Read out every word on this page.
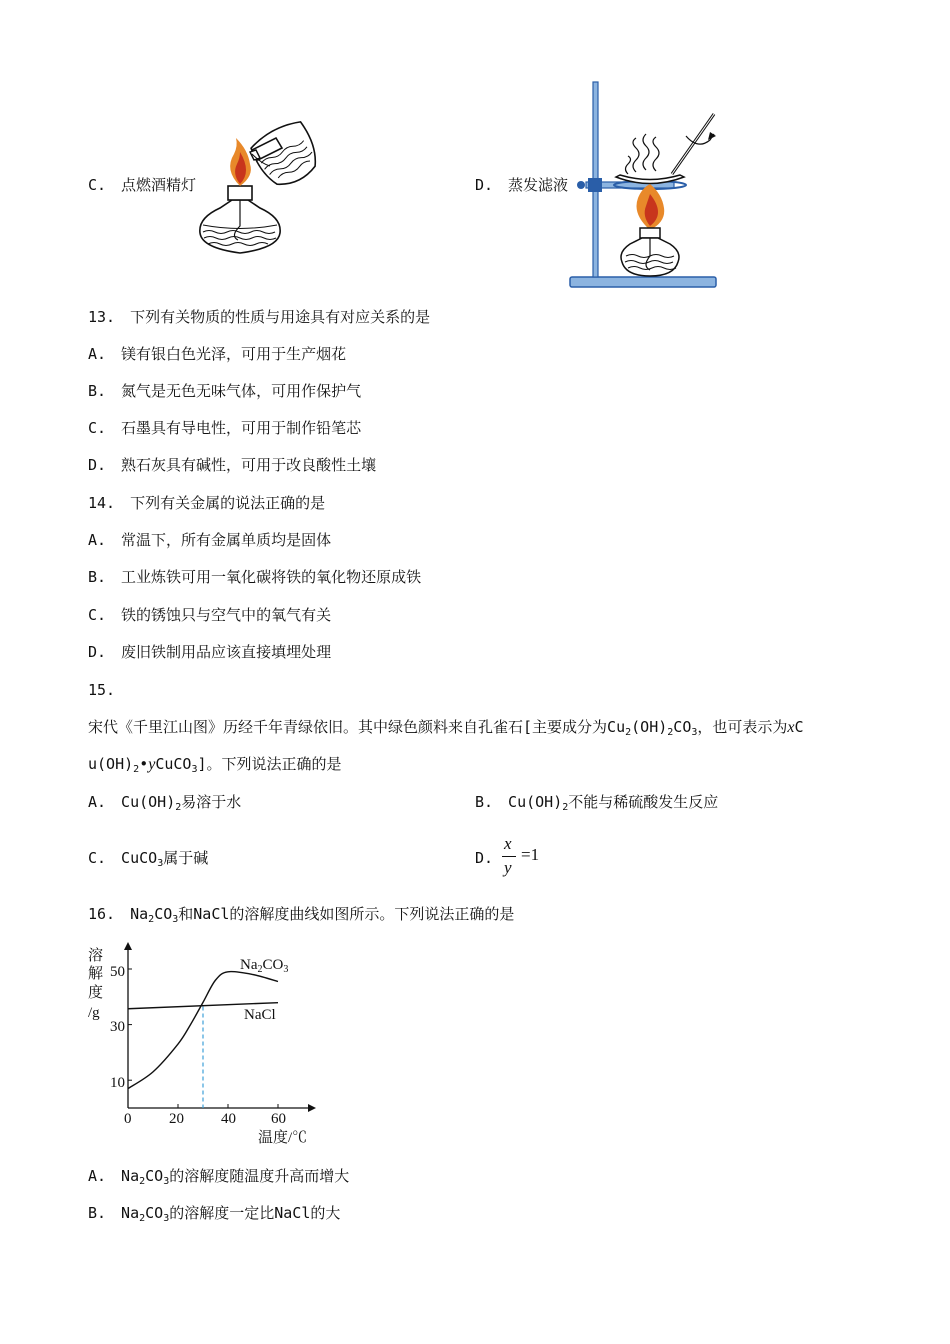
C.　点燃酒精灯	D.　蒸发滤液
13.　下列有关物质的性质与用途具有对应关系的是
A.　镁有银白色光泽，可用于生产烟花
B.　氮气是无色无味气体，可用作保护气
C.　石墨具有导电性，可用于制作铅笔芯
D.　熟石灰具有碱性，可用于改良酸性土壤
14.　下列有关金属的说法正确的是
A.　常温下，所有金属单质均是固体
B.　工业炼铁可用一氧化碳将铁的氧化物还原成铁
C.　铁的锈蚀只与空气中的氧气有关
D.　废旧铁制用品应该直接填埋处理
15.
宋代《千里江山图》历经千年青绿依旧。其中绿色颜料来自孔雀石[主要成分为$Cu_2(OH)_2CO_3$，也可表示为xC
$u(OH)_2•yCuCO_3$]。下列说法正确的是
A.　$Cu(OH)_2$易溶于水	B.　$Cu(OH)_2$不能与稀硫酸发生反应
C.　CuCO$_3$属于碱	D.
x
y
=1
16.　$Na_2CO_3$和NaCl的溶解度曲线如图所示。下列说法正确的是
溶
解
度
/g
50
30
10
0	20 40 60
温度/℃
$Na_2CO_3$
NaCl
A.　$Na_2CO_3$的溶解度随温度升高而增大
B.　$Na_2CO_3$的溶解度一定比NaCl的大
